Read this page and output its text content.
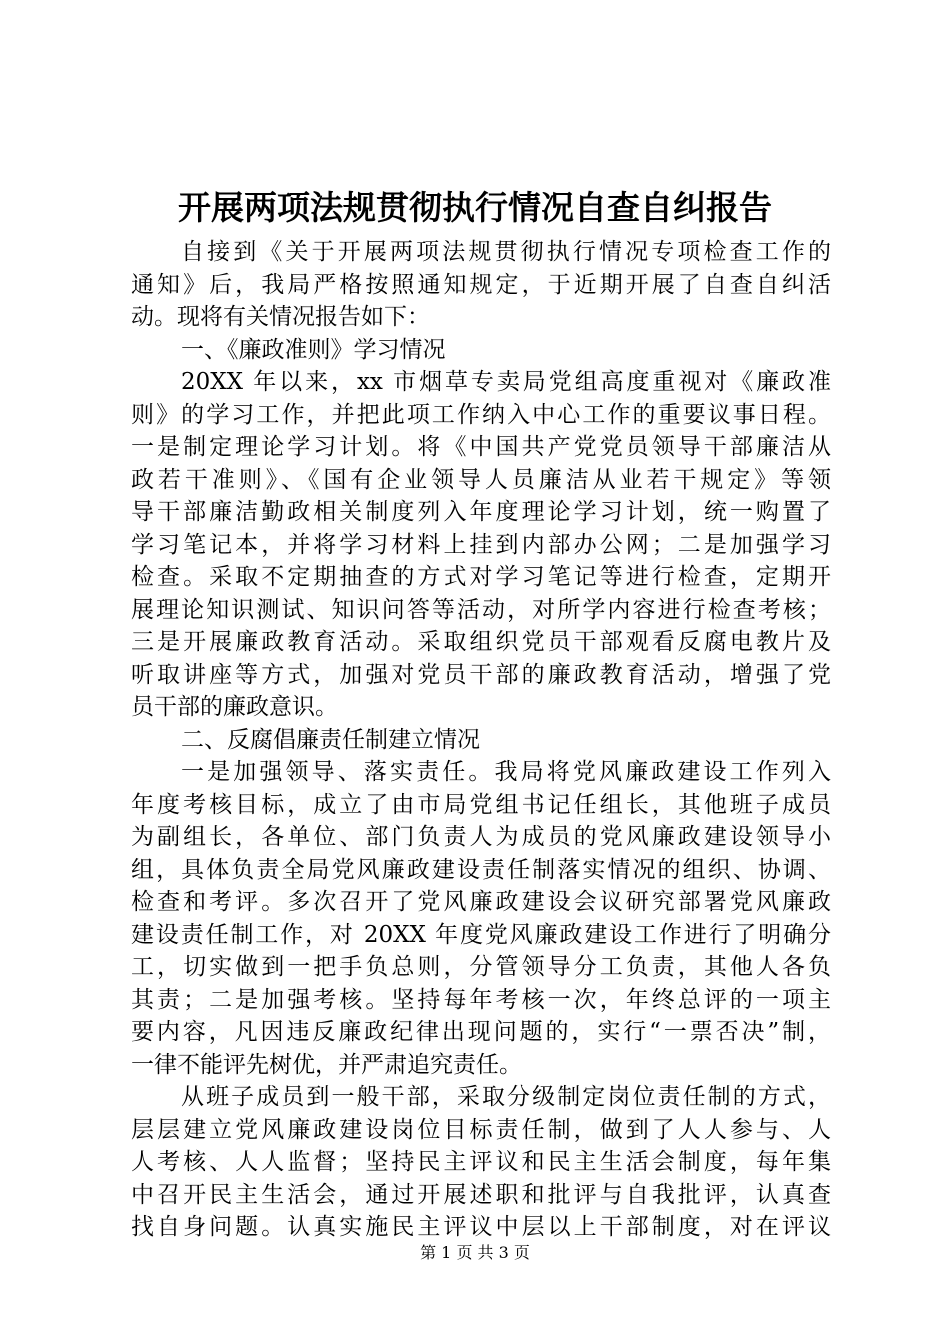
开展两项法规贯彻执行情况自查自纠报告
自接到《关于开展两项法规贯彻执行情况专项检查工作的
通知》后，我局严格按照通知规定，于近期开展了自查自纠活
动。现将有关情况报告如下：
一、《廉政准则》学习情况
20XX 年以来，xx 市烟草专卖局党组高度重视对《廉政准
则》的学习工作，并把此项工作纳入中心工作的重要议事日程。
一是制定理论学习计划。将《中国共产党党员领导干部廉洁从
政若干准则》、《国有企业领导人员廉洁从业若干规定》等领
导干部廉洁勤政相关制度列入年度理论学习计划，统一购置了
学习笔记本，并将学习材料上挂到内部办公网；二是加强学习
检查。采取不定期抽查的方式对学习笔记等进行检查，定期开
展理论知识测试、知识问答等活动，对所学内容进行检查考核；
三是开展廉政教育活动。采取组织党员干部观看反腐电教片及
听取讲座等方式，加强对党员干部的廉政教育活动，增强了党
员干部的廉政意识。
二、反腐倡廉责任制建立情况
一是加强领导、落实责任。我局将党风廉政建设工作列入
年度考核目标，成立了由市局党组书记任组长，其他班子成员
为副组长，各单位、部门负责人为成员的党风廉政建设领导小
组，具体负责全局党风廉政建设责任制落实情况的组织、协调、
检查和考评。多次召开了党风廉政建设会议研究部署党风廉政
建设责任制工作，对 20XX 年度党风廉政建设工作进行了明确分
工，切实做到一把手负总则，分管领导分工负责，其他人各负
其责；二是加强考核。坚持每年考核一次，年终总评的一项主
要内容，凡因违反廉政纪律出现问题的，实行“一票否决”制，
一律不能评先树优，并严肃追究责任。
从班子成员到一般干部，采取分级制定岗位责任制的方式，
层层建立党风廉政建设岗位目标责任制，做到了人人参与、人
人考核、人人监督；坚持民主评议和民主生活会制度，每年集
中召开民主生活会，通过开展述职和批评与自我批评，认真查
找自身问题。认真实施民主评议中层以上干部制度，对在评议
第 1 页 共 3 页
